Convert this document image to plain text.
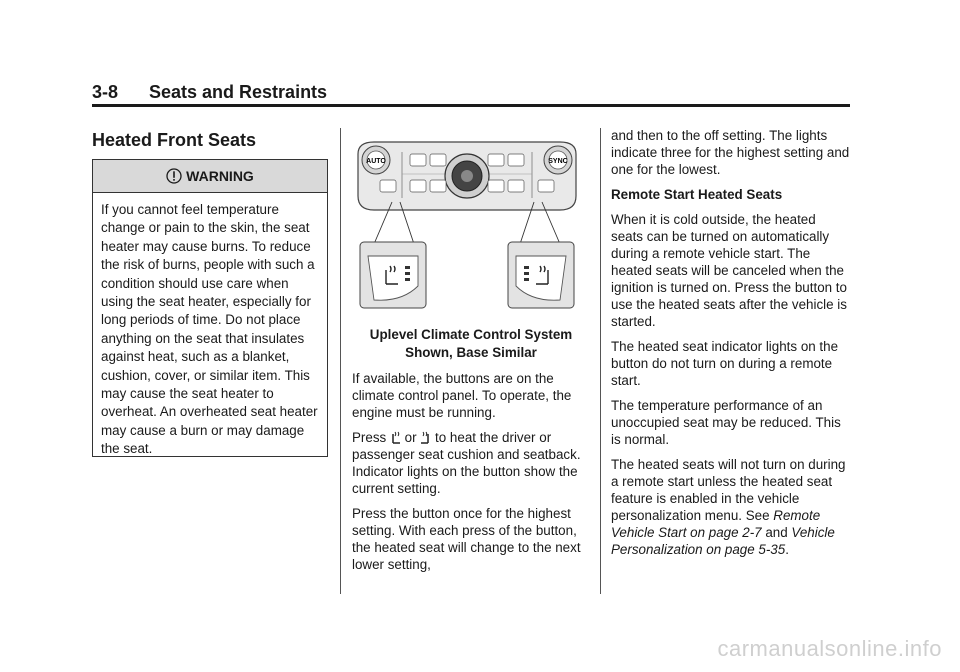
3-8 Seats and Restraints
Heated Front Seats
WARNING
If you cannot feel temperature change or pain to the skin, the seat heater may cause burns. To reduce the risk of burns, people with such a condition should use care when using the seat heater, especially for long periods of time. Do not place anything on the seat that insulates against heat, such as a blanket, cushion, cover, or similar item. This may cause the seat heater to overheat. An overheated seat heater may cause a burn or may damage the seat.
AUTO	SYNC
Uplevel Climate Control System
Shown, Base Similar

If available, the buttons are on the climate control panel. To operate, the engine must be running.

Press  or  to heat the driver or passenger seat cushion and seatback. Indicator lights on the button show the current setting.

Press the button once for the highest setting. With each press of the button, the heated seat will change to the next lower setting,

and then to the off setting. The lights indicate three for the highest setting and one for the lowest.

Remote Start Heated Seats

When it is cold outside, the heated seats can be turned on automatically during a remote vehicle start. The heated seats will be canceled when the ignition is turned on. Press the button to use the heated seats after the vehicle is started.

The heated seat indicator lights on the button do not turn on during a remote start.

The temperature performance of an unoccupied seat may be reduced. This is normal.

The heated seats will not turn on during a remote start unless the heated seat feature is enabled in the vehicle personalization menu. See Remote Vehicle Start on page 2-7 and Vehicle Personalization on page 5-35.

carmanualsonline.info
